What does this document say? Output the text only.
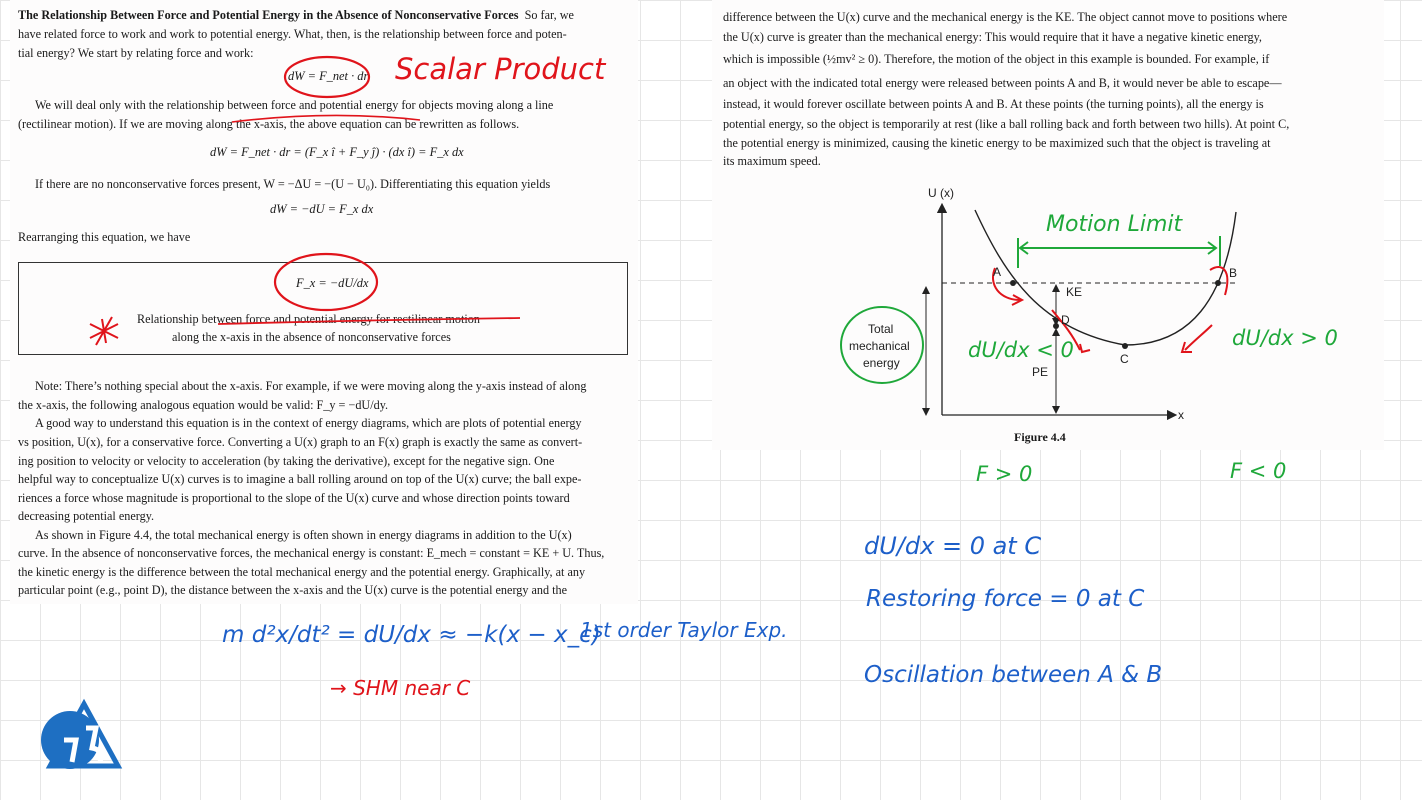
The Relationship Between Force and Potential Energy in the Absence of Nonconservative Forces So far, we
have related force to work and work to potential energy. What, then, is the relationship between force and poten-
tial energy? We start by relating force and work:
dW = F_net · dr
We will deal only with the relationship between force and potential energy for objects moving along a line
(rectilinear motion). If we are moving along the x-axis, the above equation can be rewritten as follows.
dW = F_net · dr = (F_x î + F_y ĵ) · (dx î) = F_x dx
If there are no nonconservative forces present, W = −ΔU = −(U − U₀). Differentiating this equation yields
dW = −dU = F_x dx
Rearranging this equation, we have
F_x = −dU/dx
Relationship between force and potential energy for rectilinear motion
along the x-axis in the absence of nonconservative forces
Note: There’s nothing special about the x-axis. For example, if we were moving along the y-axis instead of along
the x-axis, the following analogous equation would be valid: F_y = −dU/dy.
A good way to understand this equation is in the context of energy diagrams, which are plots of potential energy
vs position, U(x), for a conservative force. Converting a U(x) graph to an F(x) graph is exactly the same as convert-
ing position to velocity or velocity to acceleration (by taking the derivative), except for the negative sign. One
helpful way to conceptualize U(x) curves is to imagine a ball rolling around on top of the U(x) curve; the ball expe-
riences a force whose magnitude is proportional to the slope of the U(x) curve and whose direction points toward
decreasing potential energy.
As shown in Figure 4.4, the total mechanical energy is often shown in energy diagrams in addition to the U(x)
curve. In the absence of nonconservative forces, the mechanical energy is constant: E_mech = constant = KE + U. Thus,
the kinetic energy is the difference between the total mechanical energy and the potential energy. Graphically, at any
particular point (e.g., point D), the distance between the x-axis and the U(x) curve is the potential energy and the
Scalar Product
difference between the U(x) curve and the mechanical energy is the KE. The object cannot move to positions where
the U(x) curve is greater than the mechanical energy: This would require that it have a negative kinetic energy,
which is impossible (½mv² ≥ 0). Therefore, the motion of the object in this example is bounded. For example, if
an object with the indicated total energy were released between points A and B, it would never be able to escape—
instead, it would forever oscillate between points A and B. At these points (the turning points), all the energy is
potential energy, so the object is temporarily at rest (like a ball rolling back and forth between two hills). At point C,
the potential energy is minimized, causing the kinetic energy to be maximized such that the object is traveling at
its maximum speed.
U (x)
x
A	B
C
D
KE
PE
Total
mechanical
energy
Figure 4.4
Motion Limit
dU/dx < 0	dU/dx > 0
F > 0	F < 0
dU/dx = 0 at C
Restoring force = 0 at C
Oscillation between A & B
m d²x/dt² = dU/dx ≈ −k(x − x_c)
1st order Taylor Exp.
→ SHM near C
